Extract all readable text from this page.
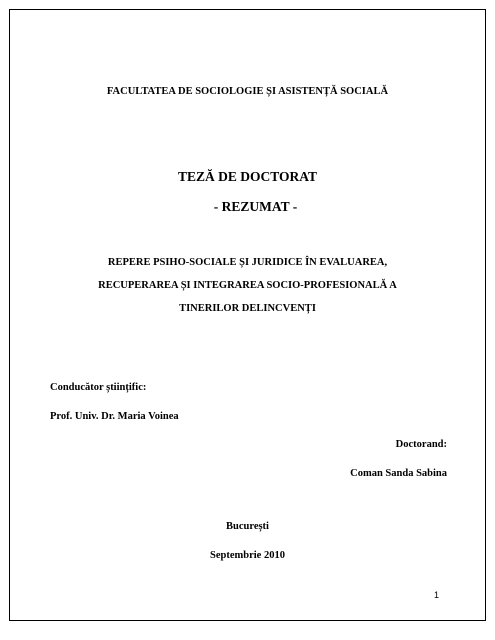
FACULTATEA DE SOCIOLOGIE ȘI ASISTENȚĂ SOCIALĂ
TEZĂ DE DOCTORAT
- REZUMAT -
REPERE PSIHO-SOCIALE ȘI JURIDICE ÎN EVALUAREA,
RECUPERAREA ȘI INTEGRAREA SOCIO-PROFESIONALĂ A
TINERILOR DELINCVENȚI
Conducător științific:
Prof. Univ. Dr. Maria Voinea
Doctorand:
Coman Sanda Sabina
București
Septembrie 2010
1
